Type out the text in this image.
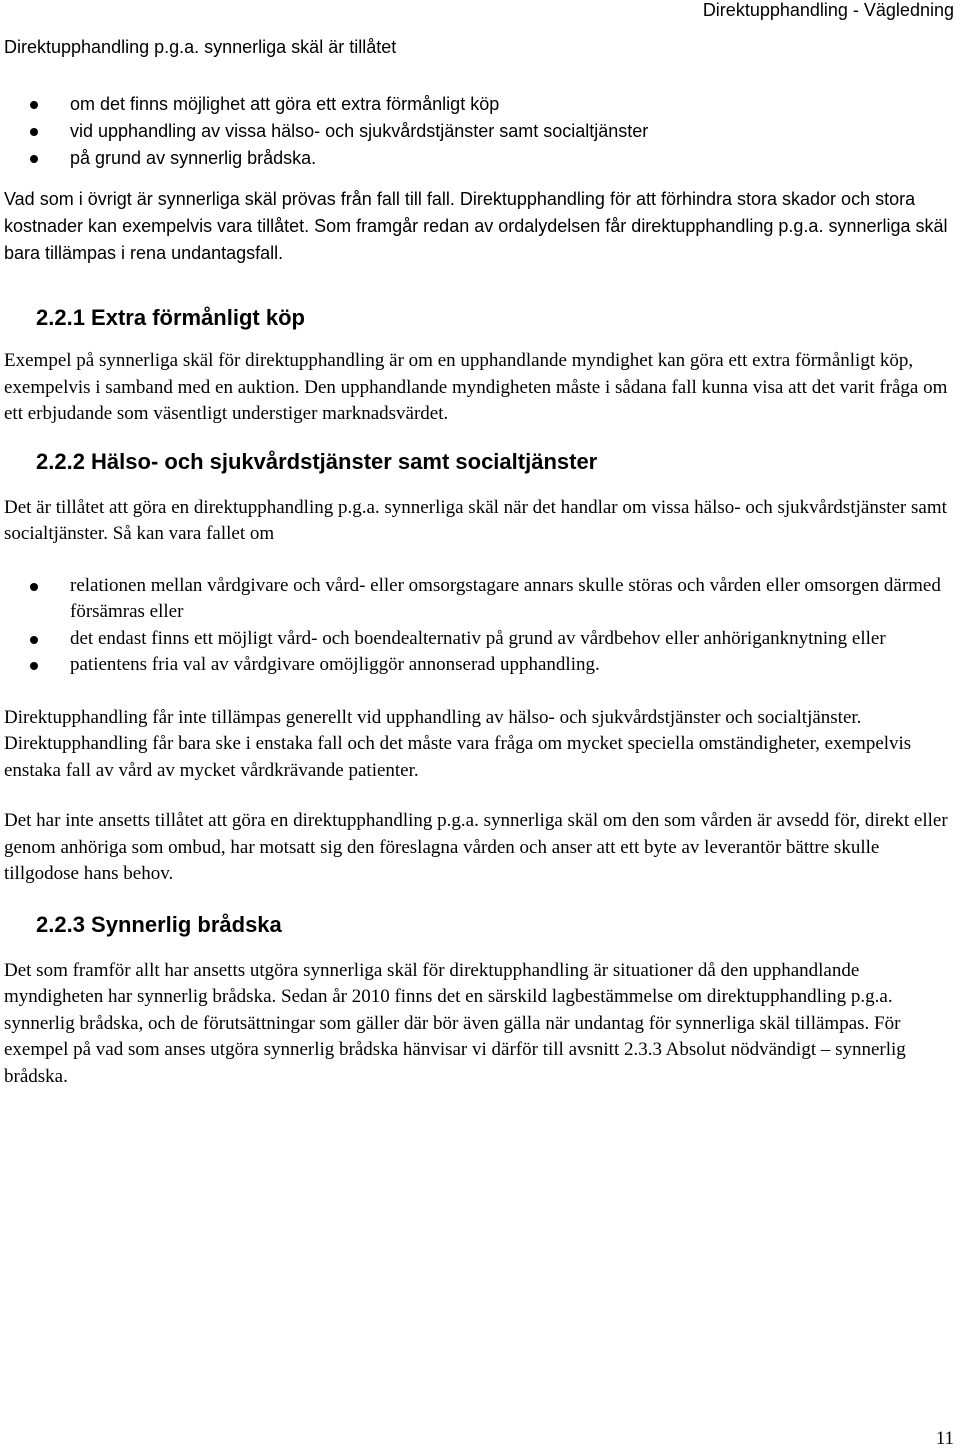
Direktupphandling - Vägledning
Direktupphandling p.g.a. synnerliga skäl är tillåtet
om det finns möjlighet att göra ett extra förmånligt köp
vid upphandling av vissa hälso- och sjukvårdstjänster samt socialtjänster
på grund av synnerlig brådska.

Vad som i övrigt är synnerliga skäl prövas från fall till fall. Direktupphandling för att förhindra stora skador och stora kostnader kan exempelvis vara tillåtet. Som framgår redan av ordalydelsen får direktupphandling p.g.a. synnerliga skäl bara tillämpas i rena undantagsfall.

2.2.1 Extra förmånligt köp

Exempel på synnerliga skäl för direktupphandling är om en upphandlande myndighet kan göra ett extra förmånligt köp, exempelvis i samband med en auktion. Den upphandlande myndigheten måste i sådana fall kunna visa att det varit fråga om ett erbjudande som väsentligt understiger marknadsvärdet.

2.2.2 Hälso- och sjukvårdstjänster samt socialtjänster

Det är tillåtet att göra en direktupphandling p.g.a. synnerliga skäl när det handlar om vissa hälso- och sjukvårdstjänster samt socialtjänster. Så kan vara fallet om

relationen mellan vårdgivare och vård- eller omsorgstagare annars skulle störas och vården eller omsorgen därmed försämras eller
det endast finns ett möjligt vård- och boendealternativ på grund av vårdbehov eller anhöriganknytning eller
patientens fria val av vårdgivare omöjliggör annonserad upphandling.

Direktupphandling får inte tillämpas generellt vid upphandling av hälso- och sjukvårdstjänster och socialtjänster. Direktupphandling får bara ske i enstaka fall och det måste vara fråga om mycket speciella omständigheter, exempelvis enstaka fall av vård av mycket vårdkrävande patienter.

Det har inte ansetts tillåtet att göra en direktupphandling p.g.a. synnerliga skäl om den som vården är avsedd för, direkt eller genom anhöriga som ombud, har motsatt sig den föreslagna vården och anser att ett byte av leverantör bättre skulle tillgodose hans behov.

2.2.3 Synnerlig brådska

Det som framför allt har ansetts utgöra synnerliga skäl för direktupphandling är situationer då den upphandlande myndigheten har synnerlig brådska. Sedan år 2010 finns det en särskild lagbestämmelse om direktupphandling p.g.a. synnerlig brådska, och de förutsättningar som gäller där bör även gälla när undantag för synnerliga skäl tillämpas. För exempel på vad som anses utgöra synnerlig brådska hänvisar vi därför till avsnitt 2.3.3 Absolut nödvändigt – synnerlig brådska.

11
